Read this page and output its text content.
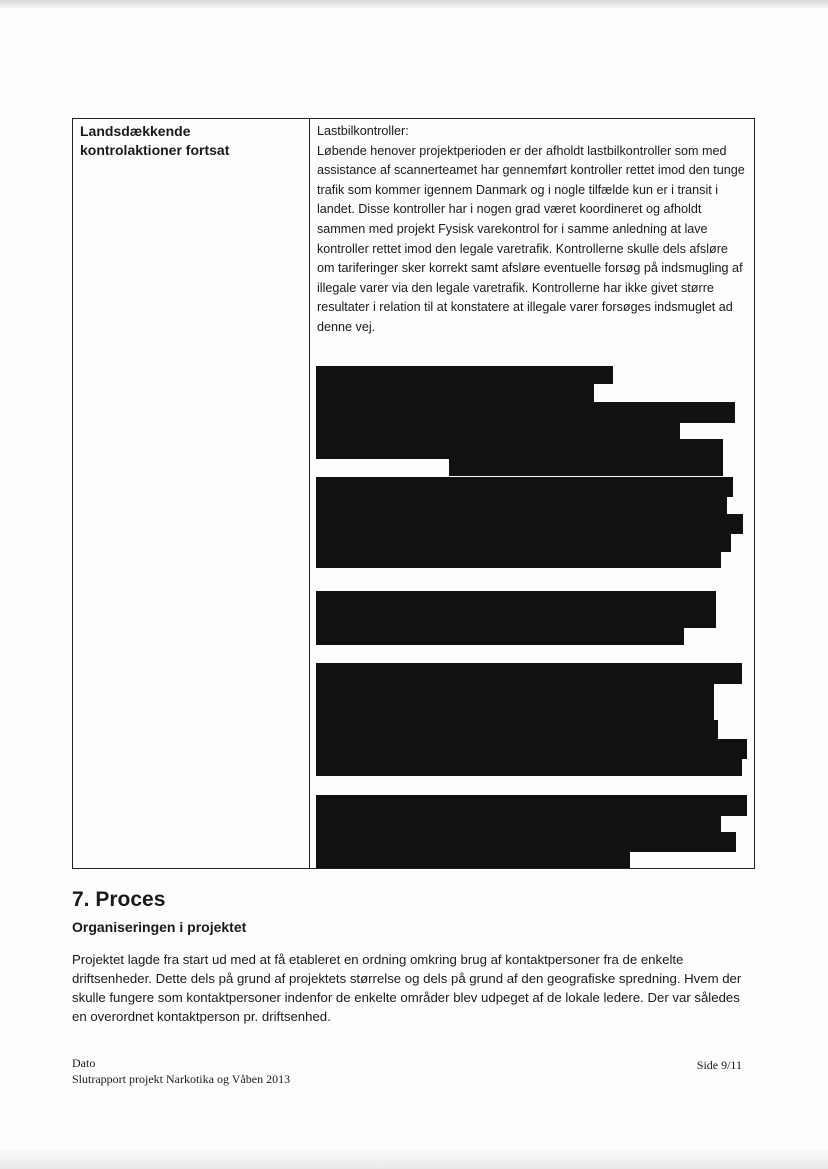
Landsdækkende
kontrolaktioner fortsat

Lastbilkontroller:

Løbende henover projektperioden er der afholdt lastbilkontroller som med assistance af scannerteamet har gennemført kontroller rettet imod den tunge trafik som kommer igennem Danmark og i nogle tilfælde kun er i transit i landet. Disse kontroller har i nogen grad været koordineret og afholdt sammen med projekt Fysisk varekontrol for i samme anledning at lave kontroller rettet imod den legale varetrafik. Kontrollerne skulle dels afsløre om tariferinger sker korrekt samt afsløre eventuelle forsøg på indsmugling af illegale varer via den legale varetrafik. Kontrollerne har ikke givet større resultater i relation til at konstatere at illegale varer forsøges indsmuglet ad denne vej.

7. Proces
Organiseringen i projektet

Projektet lagde fra start ud med at få etableret en ordning omkring brug af kontaktpersoner fra de enkelte driftsenheder. Dette dels på grund af projektets størrelse og dels på grund af den geografiske spredning. Hvem der skulle fungere som kontaktpersoner indenfor de enkelte områder blev udpeget af de lokale ledere. Der var således en overordnet kontaktperson pr. driftsenhed.

Dato
Slutrapport projekt Narkotika og Våben 2013
Side 9/11
